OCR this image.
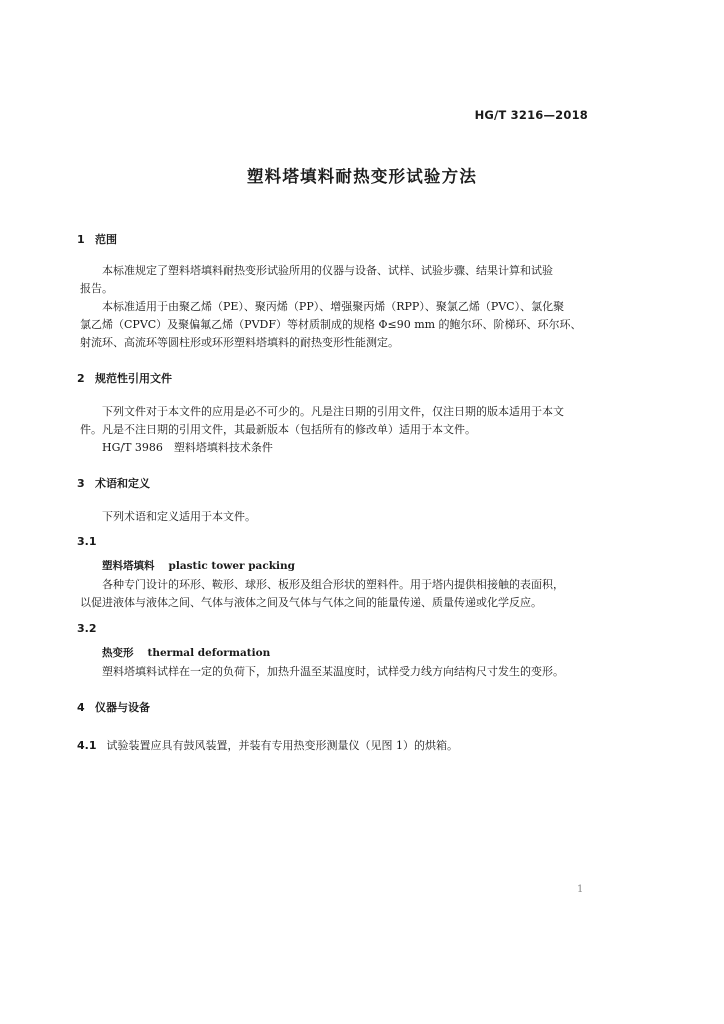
HG/T 3216—2018
塑料塔填料耐热变形试验方法
1 范围
本标准规定了塑料塔填料耐热变形试验所用的仪器与设备、试样、试验步骤、结果计算和试验
报告。
本标准适用于由聚乙烯（PE）、聚丙烯（PP）、增强聚丙烯（RPP）、聚氯乙烯（PVC）、氯化聚
氯乙烯（CPVC）及聚偏氟乙烯（PVDF）等材质制成的规格 Φ≤90 mm 的鲍尔环、阶梯环、环尔环、
射流环、高流环等圆柱形或环形塑料塔填料的耐热变形性能测定。
2 规范性引用文件
下列文件对于本文件的应用是必不可少的。凡是注日期的引用文件，仅注日期的版本适用于本文
件。凡是不注日期的引用文件，其最新版本（包括所有的修改单）适用于本文件。
HG/T 3986　塑料塔填料技术条件
3 术语和定义
下列术语和定义适用于本文件。
3.1
塑料塔填料 plastic tower packing
各种专门设计的环形、鞍形、球形、板形及组合形状的塑料件。用于塔内提供相接触的表面积，
以促进液体与液体之间、气体与液体之间及气体与气体之间的能量传递、质量传递或化学反应。
3.2
热变形 thermal deformation
塑料塔填料试样在一定的负荷下，加热升温至某温度时，试样受力线方向结构尺寸发生的变形。
4 仪器与设备
4.1 试验装置应具有鼓风装置，并装有专用热变形测量仪（见图 1）的烘箱。
1
